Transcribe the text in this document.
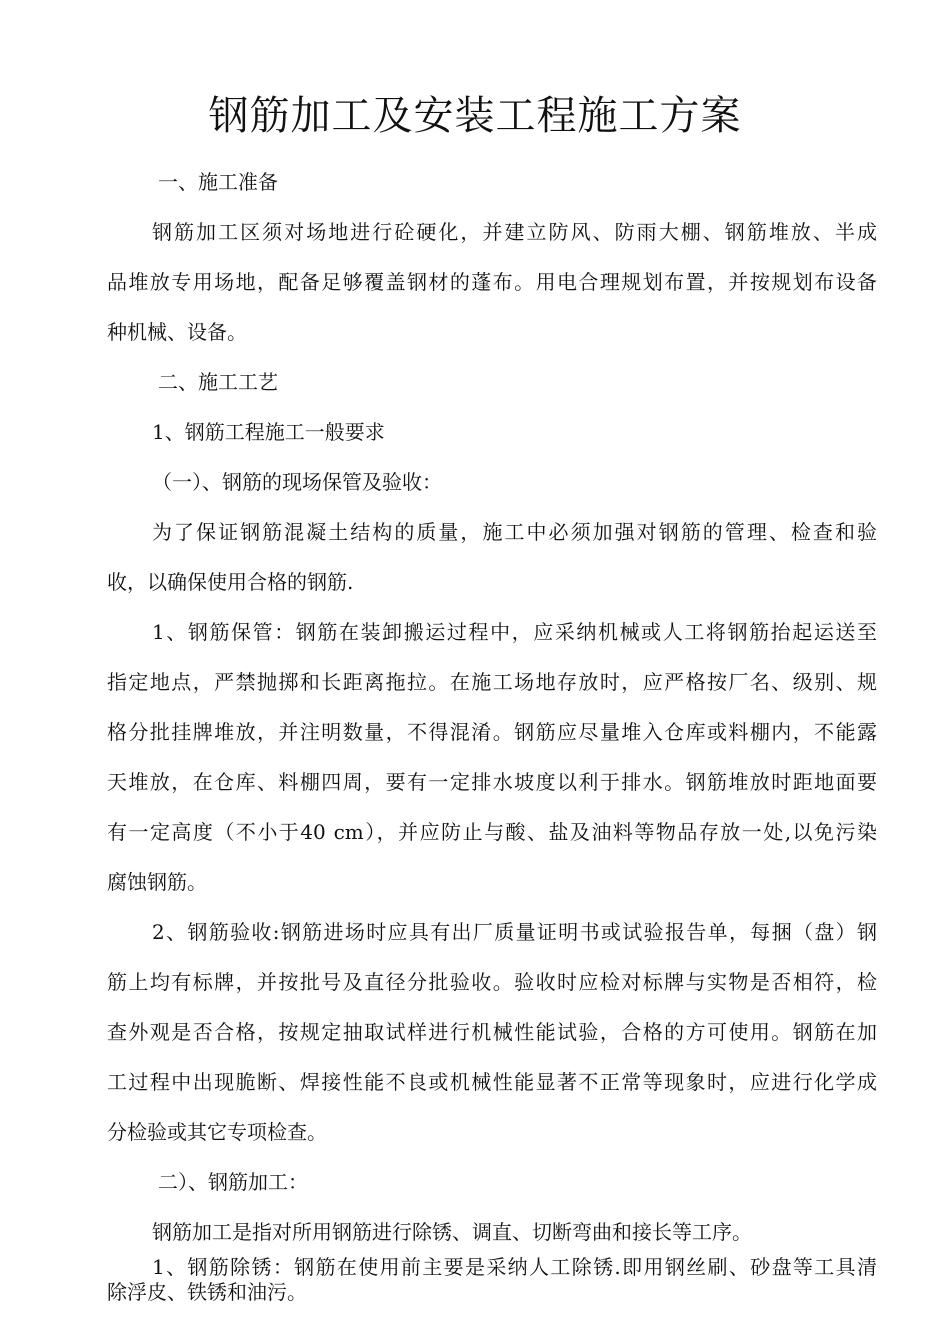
钢筋加工及安装工程施工方案
一、施工准备
钢筋加工区须对场地进行砼硬化，并建立防风、防雨大棚、钢筋堆放、半成
品堆放专用场地，配备足够覆盖钢材的蓬布。用电合理规划布置，并按规划布设备
种机械、设备。
二、施工工艺
1、钢筋工程施工一般要求
（一）、钢筋的现场保管及验收：
为了保证钢筋混凝土结构的质量，施工中必须加强对钢筋的管理、检查和验
收，以确保使用合格的钢筋.
1、钢筋保管：钢筋在装卸搬运过程中，应采纳机械或人工将钢筋抬起运送至
指定地点，严禁抛掷和长距离拖拉。在施工场地存放时，应严格按厂名、级别、规
格分批挂牌堆放，并注明数量，不得混淆。钢筋应尽量堆入仓库或料棚内，不能露
天堆放，在仓库、料棚四周，要有一定排水坡度以利于排水。钢筋堆放时距地面要
有一定高度（不小于40 cm），并应防止与酸、盐及油料等物品存放一处,以免污染
腐蚀钢筋。
2、钢筋验收:钢筋进场时应具有出厂质量证明书或试验报告单，每捆（盘）钢
筋上均有标牌，并按批号及直径分批验收。验收时应检对标牌与实物是否相符，检
查外观是否合格，按规定抽取试样进行机械性能试验，合格的方可使用。钢筋在加
工过程中出现脆断、焊接性能不良或机械性能显著不正常等现象时，应进行化学成
分检验或其它专项检查。
二）、钢筋加工：
钢筋加工是指对所用钢筋进行除锈、调直、切断弯曲和接长等工序。
1、钢筋除锈：钢筋在使用前主要是采纳人工除锈.即用钢丝刷、砂盘等工具清
除浮皮、铁锈和油污。
